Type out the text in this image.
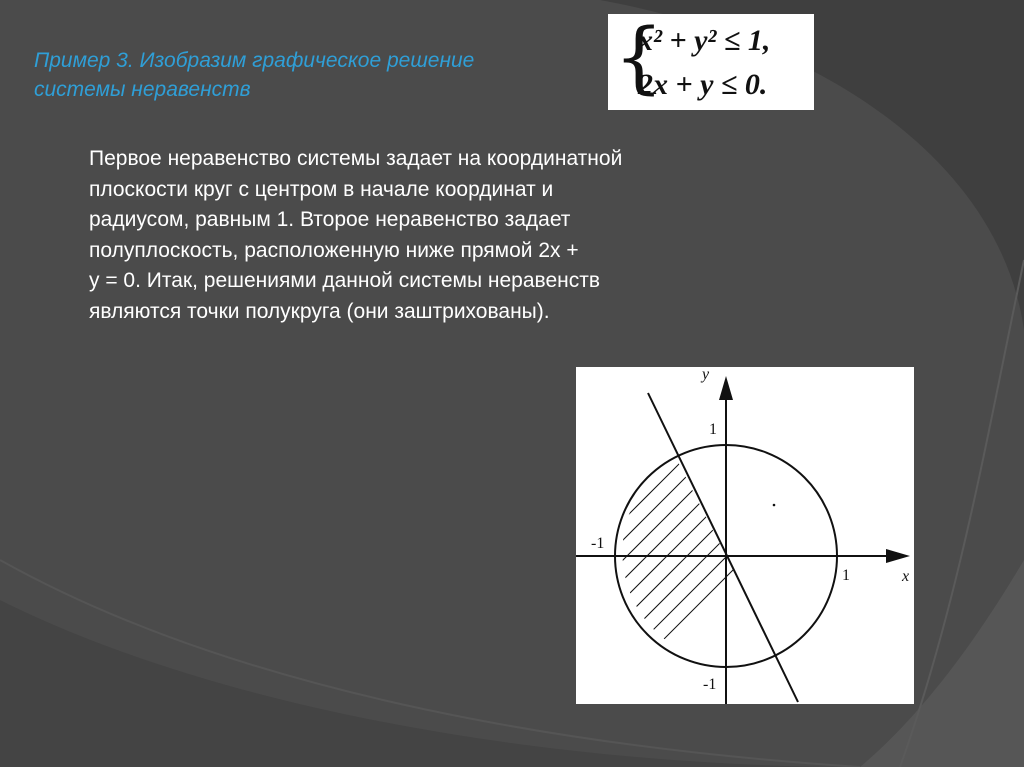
Пример 3. Изобразим графическое решение
системы неравенств	{
x² + y² ≤ 1,
2x + y ≤ 0.
Первое неравенство системы задает на координатной
плоскости круг с центром в начале координат и
радиусом, равным 1. Второе неравенство задает
полуплоскость, расположенную ниже прямой 2x +
y = 0. Итак, решениями данной системы неравенств
являются точки полукруга (они заштрихованы).
-1
1
1
-1
x
y
